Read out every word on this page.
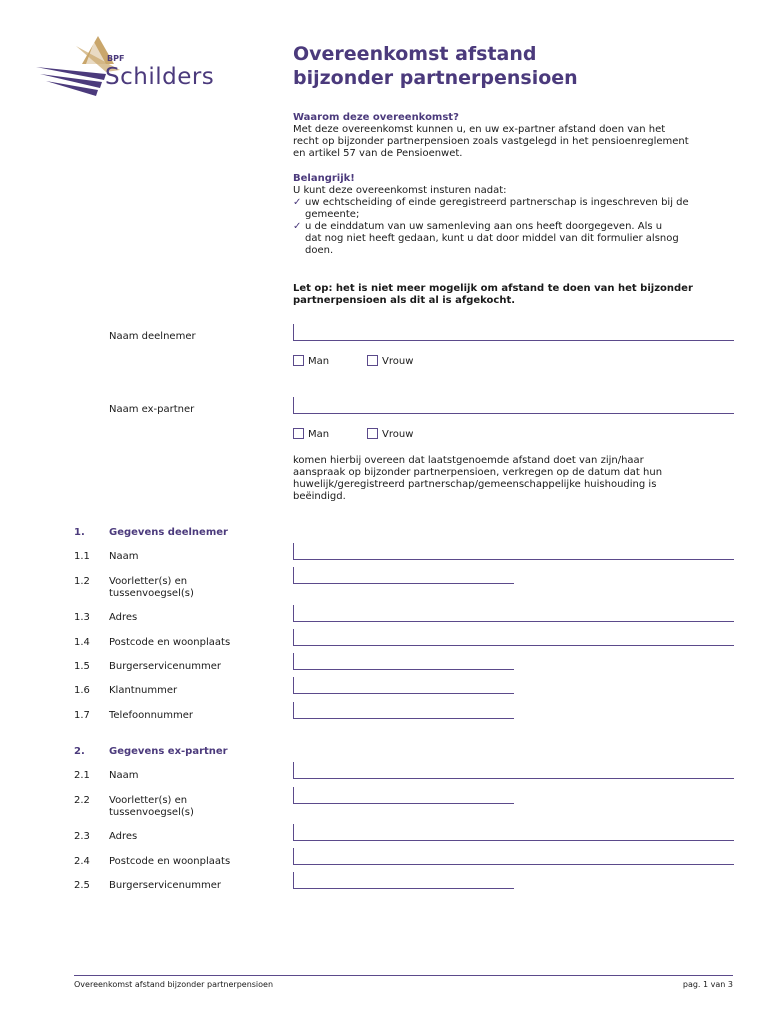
BPF
Schilders
Overeenkomst afstand
bijzonder partnerpensioen
Waarom deze overeenkomst?
Met deze overeenkomst kunnen u, en uw ex-partner afstand doen van het
recht op bijzonder partnerpensioen zoals vastgelegd in het pensioenreglement
en artikel 57 van de Pensioenwet.
Belangrijk!
U kunt deze overeenkomst insturen nadat:
✓ uw echtscheiding of einde geregistreerd partnerschap is ingeschreven bij de
gemeente;
✓ u de einddatum van uw samenleving aan ons heeft doorgegeven. Als u
dat nog niet heeft gedaan, kunt u dat door middel van dit formulier alsnog
doen.
Let op: het is niet meer mogelijk om afstand te doen van het bijzonder
partnerpensioen als dit al is afgekocht.
Naam deelnemer
Man	Vrouw
Naam ex-partner
Man	Vrouw
komen hierbij overeen dat laatstgenoemde afstand doet van zijn/haar
aanspraak op bijzonder partnerpensioen, verkregen op de datum dat hun
huwelijk/geregistreerd partnerschap/gemeenschappelijke huishouding is
beëindigd.
1. Gegevens deelnemer
1.1 Naam
1.2 Voorletter(s) en
tussenvoegsel(s)
1.3 Adres
1.4 Postcode en woonplaats
1.5 Burgerservicenummer
1.6 Klantnummer
1.7 Telefoonnummer
2. Gegevens ex-partner
2.1 Naam
2.2 Voorletter(s) en
tussenvoegsel(s)
2.3 Adres
2.4 Postcode en woonplaats
2.5 Burgerservicenummer
Overeenkomst afstand bijzonder partnerpensioen	pag. 1 van 3
